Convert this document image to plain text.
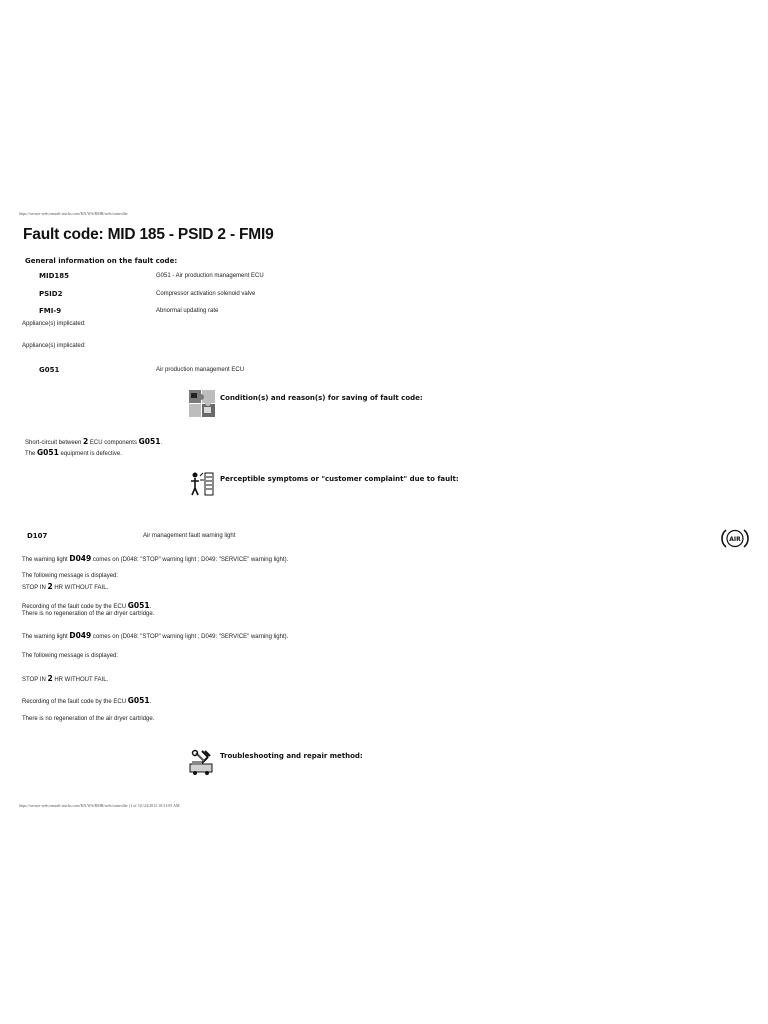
https://secure-web.renault-trucks.com/KN/WS/BMB/web/controller
Fault code: MID 185 - PSID 2 - FMI9
General information on the fault code:
MID185	G051 - Air production management ECU
PSID2	Compressor activation solenoid valve
FMI-9	Abnormal updating rate
Appliance(s) implicated:
Appliance(s) implicated:
G051	Air production management ECU
Condition(s) and reason(s) for saving of fault code:
Short-circuit between 2 ECU components G051.
The G051 equipment is defective.
Perceptible symptoms or "customer complaint" due to fault:
D107	Air management fault warning light	AIR
The warning light D049 comes on (D048: "STOP" warning light ; D049: "SERVICE" warning light).
The following message is displayed:
STOP IN 2 HR WITHOUT FAIL.
Recording of the fault code by the ECU G051.
There is no regeneration of the air dryer cartridge.
The warning light D049 comes on (D048: "STOP" warning light ; D049: "SERVICE" warning light).
The following message is displayed:
STOP IN 2 HR WITHOUT FAIL.
Recording of the fault code by the ECU G051.
There is no regeneration of the air dryer cartridge.
Troubleshooting and repair method:
https://secure-web.renault-trucks.com/KN/WS/BMB/web/controller (1 of 3)1/24/2012 10:53:05 AM
